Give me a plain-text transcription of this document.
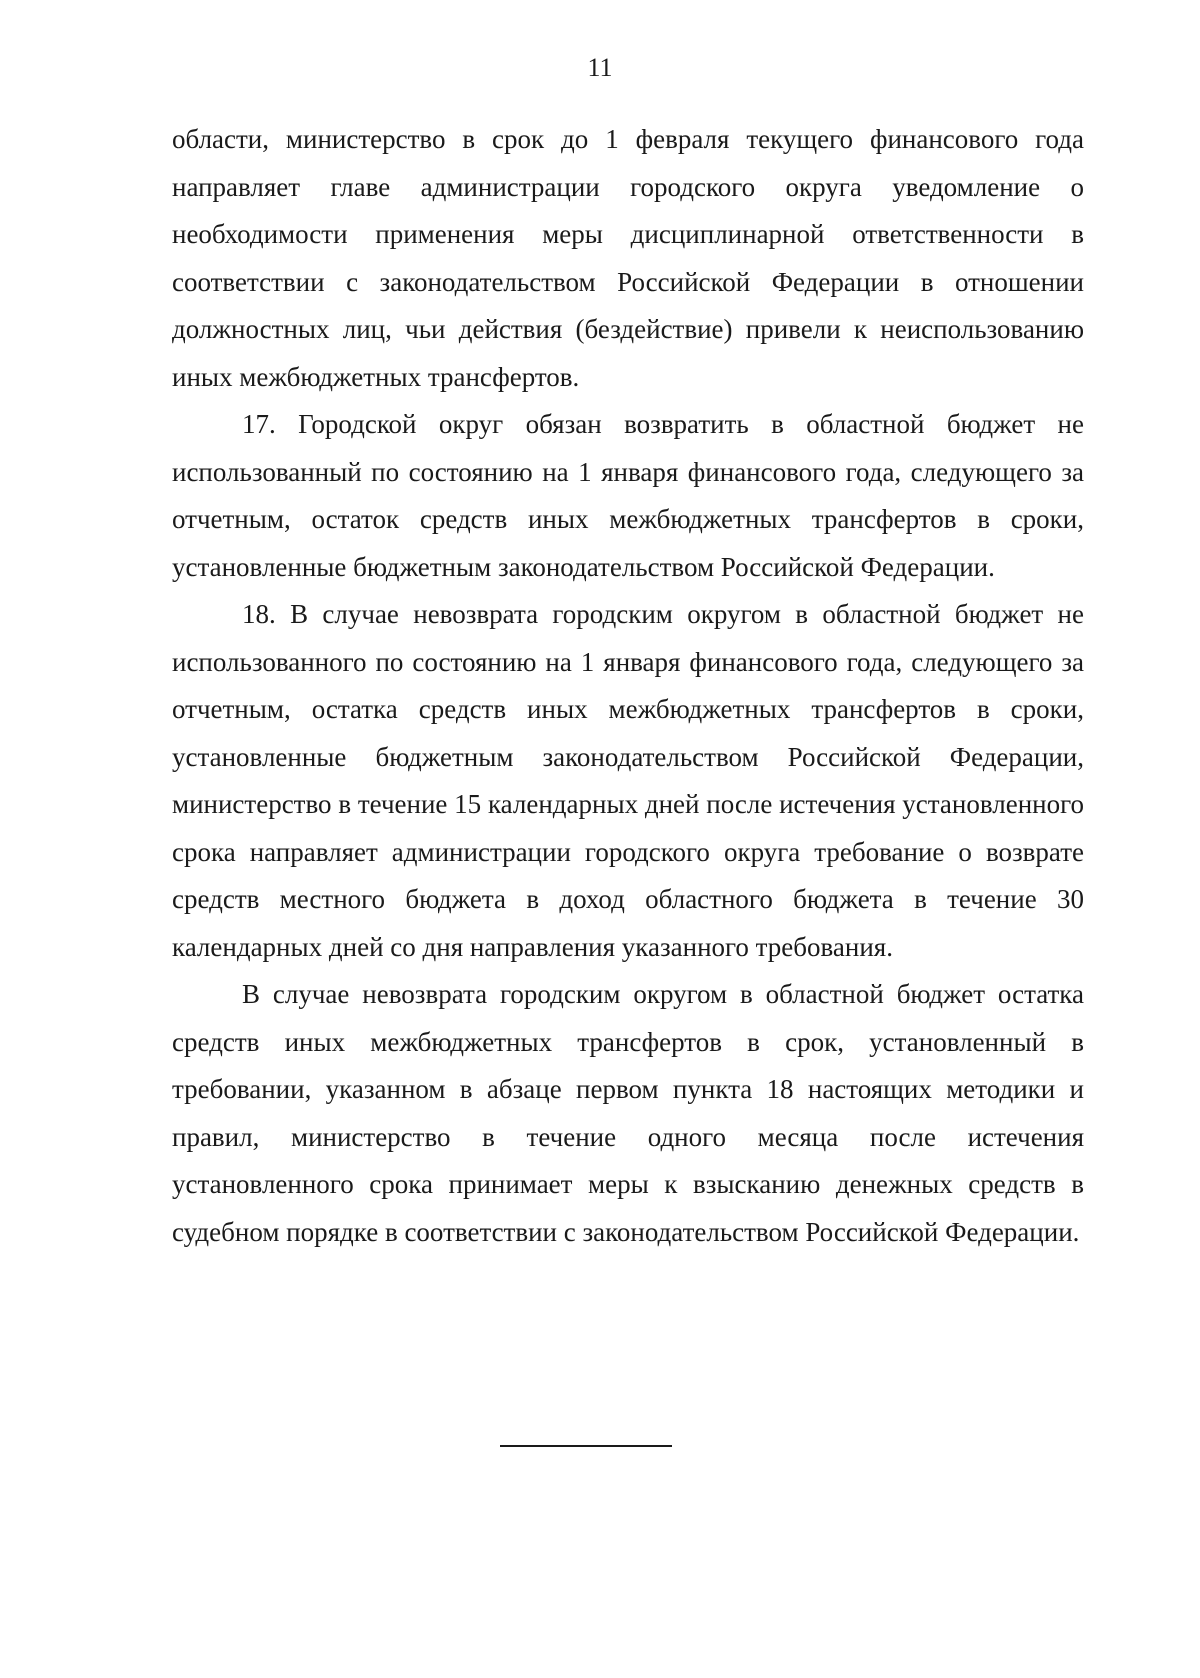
11

области, министерство в срок до 1 февраля текущего финансового года направляет главе администрации городского округа уведомление о необходимости применения меры дисциплинарной ответственности в соответствии с законодательством Российской Федерации в отношении должностных лиц, чьи действия (бездействие) привели к неиспользованию иных межбюджетных трансфертов.

17. Городской округ обязан возвратить в областной бюджет не использованный по состоянию на 1 января финансового года, следующего за отчетным, остаток средств иных межбюджетных трансфертов в сроки, установленные бюджетным законодательством Российской Федерации.

18. В случае невозврата городским округом в областной бюджет не использованного по состоянию на 1 января финансового года, следующего за отчетным, остатка средств иных межбюджетных трансфертов в сроки, установленные бюджетным законодательством Российской Федерации, министерство в течение 15 календарных дней после истечения установленного срока направляет администрации городского округа требование о возврате средств местного бюджета в доход областного бюджета в течение 30 календарных дней со дня направления указанного требования.

В случае невозврата городским округом в областной бюджет остатка средств иных межбюджетных трансфертов в срок, установленный в требовании, указанном в абзаце первом пункта 18 настоящих методики и правил, министерство в течение одного месяца после истечения установленного срока принимает меры к взысканию денежных средств в судебном порядке в соответствии с законодательством Российской Федерации.
